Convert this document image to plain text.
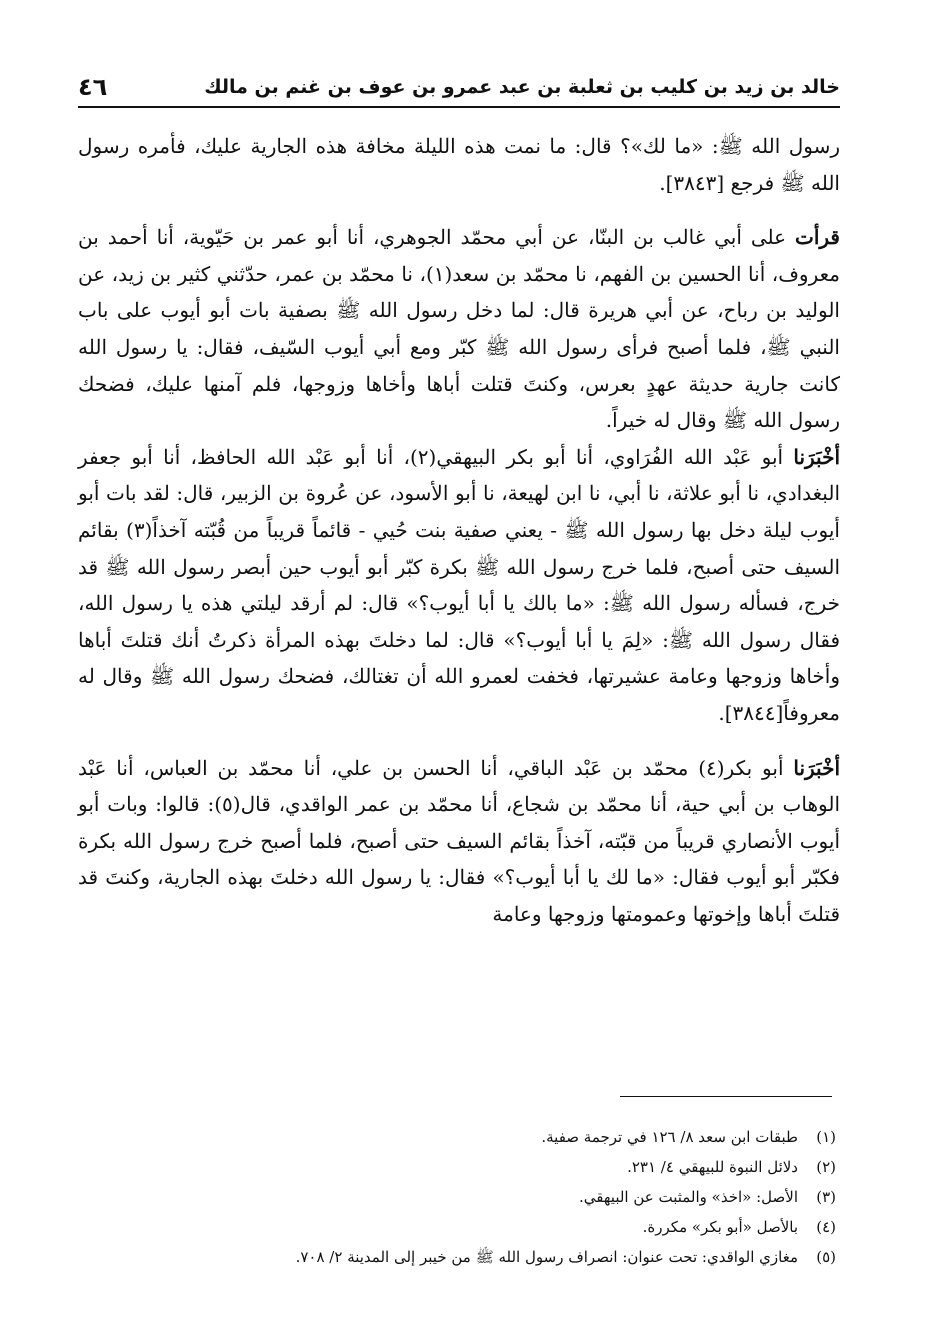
خالد بن زيد بن كليب بن ثعلبة بن عبد عمرو بن عوف بن غنم بن مالك
٤٦

رسول الله ﷺ: «ما لك»؟ قال: ما نمت هذه الليلة مخافة هذه الجارية عليك، فأمره رسول الله ﷺ فرجع [٣٨٤٣].

قرأت على أبي غالب بن البنّا، عن أبي محمّد الجوهري، أنا أبو عمر بن حَيّوية، أنا أحمد بن معروف، أنا الحسين بن الفهم، نا محمّد بن سعد(١)، نا محمّد بن عمر، حدّثني كثير بن زيد، عن الوليد بن رباح، عن أبي هريرة قال: لما دخل رسول الله ﷺ بصفية بات أبو أيوب على باب النبي ﷺ، فلما أصبح فرأى رسول الله ﷺ كبّر ومع أبي أيوب السّيف، فقال: يا رسول الله كانت جارية حديثة عهدٍ بعرس، وكنتَ قتلت أباها وأخاها وزوجها، فلم آمنها عليك، فضحك رسول الله ﷺ وقال له خيراً.

أخْبَرَنا أبو عَبْد الله الفُرَاوي، أنا أبو بكر البيهقي(٢)، أنا أبو عَبْد الله الحافظ، أنا أبو جعفر البغدادي، نا أبو علاثة، نا أبي، نا ابن لهيعة، نا أبو الأسود، عن عُروة بن الزبير، قال: لقد بات أبو أيوب ليلة دخل بها رسول الله ﷺ - يعني صفية بنت حُيي - قائماً قريباً من قُبّته آخذاً(٣) بقائم السيف حتى أصبح، فلما خرج رسول الله ﷺ بكرة كبّر أبو أيوب حين أبصر رسول الله ﷺ قد خرج، فسأله رسول الله ﷺ: «ما بالك يا أبا أيوب؟» قال: لم أرقد ليلتي هذه يا رسول الله، فقال رسول الله ﷺ: «لِمَ يا أبا أيوب؟» قال: لما دخلتَ بهذه المرأة ذكرتُ أنك قتلتَ أباها وأخاها وزوجها وعامة عشيرتها، فخفت لعمرو الله أن تغتالك، فضحك رسول الله ﷺ وقال له معروفاً[٣٨٤٤].

أخْبَرَنا أبو بكر(٤) محمّد بن عَبْد الباقي، أنا الحسن بن علي، أنا محمّد بن العباس، أنا عَبْد الوهاب بن أبي حية، أنا محمّد بن شجاع، أنا محمّد بن عمر الواقدي، قال(٥): قالوا: وبات أبو أيوب الأنصاري قريباً من قبّته، آخذاً بقائم السيف حتى أصبح، فلما أصبح خرج رسول الله بكرة فكبّر أبو أيوب فقال: «ما لك يا أبا أيوب؟» فقال: يا رسول الله دخلتَ بهذه الجارية، وكنتَ قد قتلتَ أباها وإخوتها وعمومتها وزوجها وعامة

(١)
طبقات ابن سعد ٨/ ١٢٦ في ترجمة صفية.
(٢)
دلائل النبوة للبيهقي ٤/ ٢٣١.
(٣)
الأصل: «اخذ» والمثبت عن البيهقي.
(٤)
بالأصل «أبو بكر» مكررة.
(٥)
مغازي الواقدي: تحت عنوان: انصراف رسول الله ﷺ من خيبر إلى المدينة ٢/ ٧٠٨.
